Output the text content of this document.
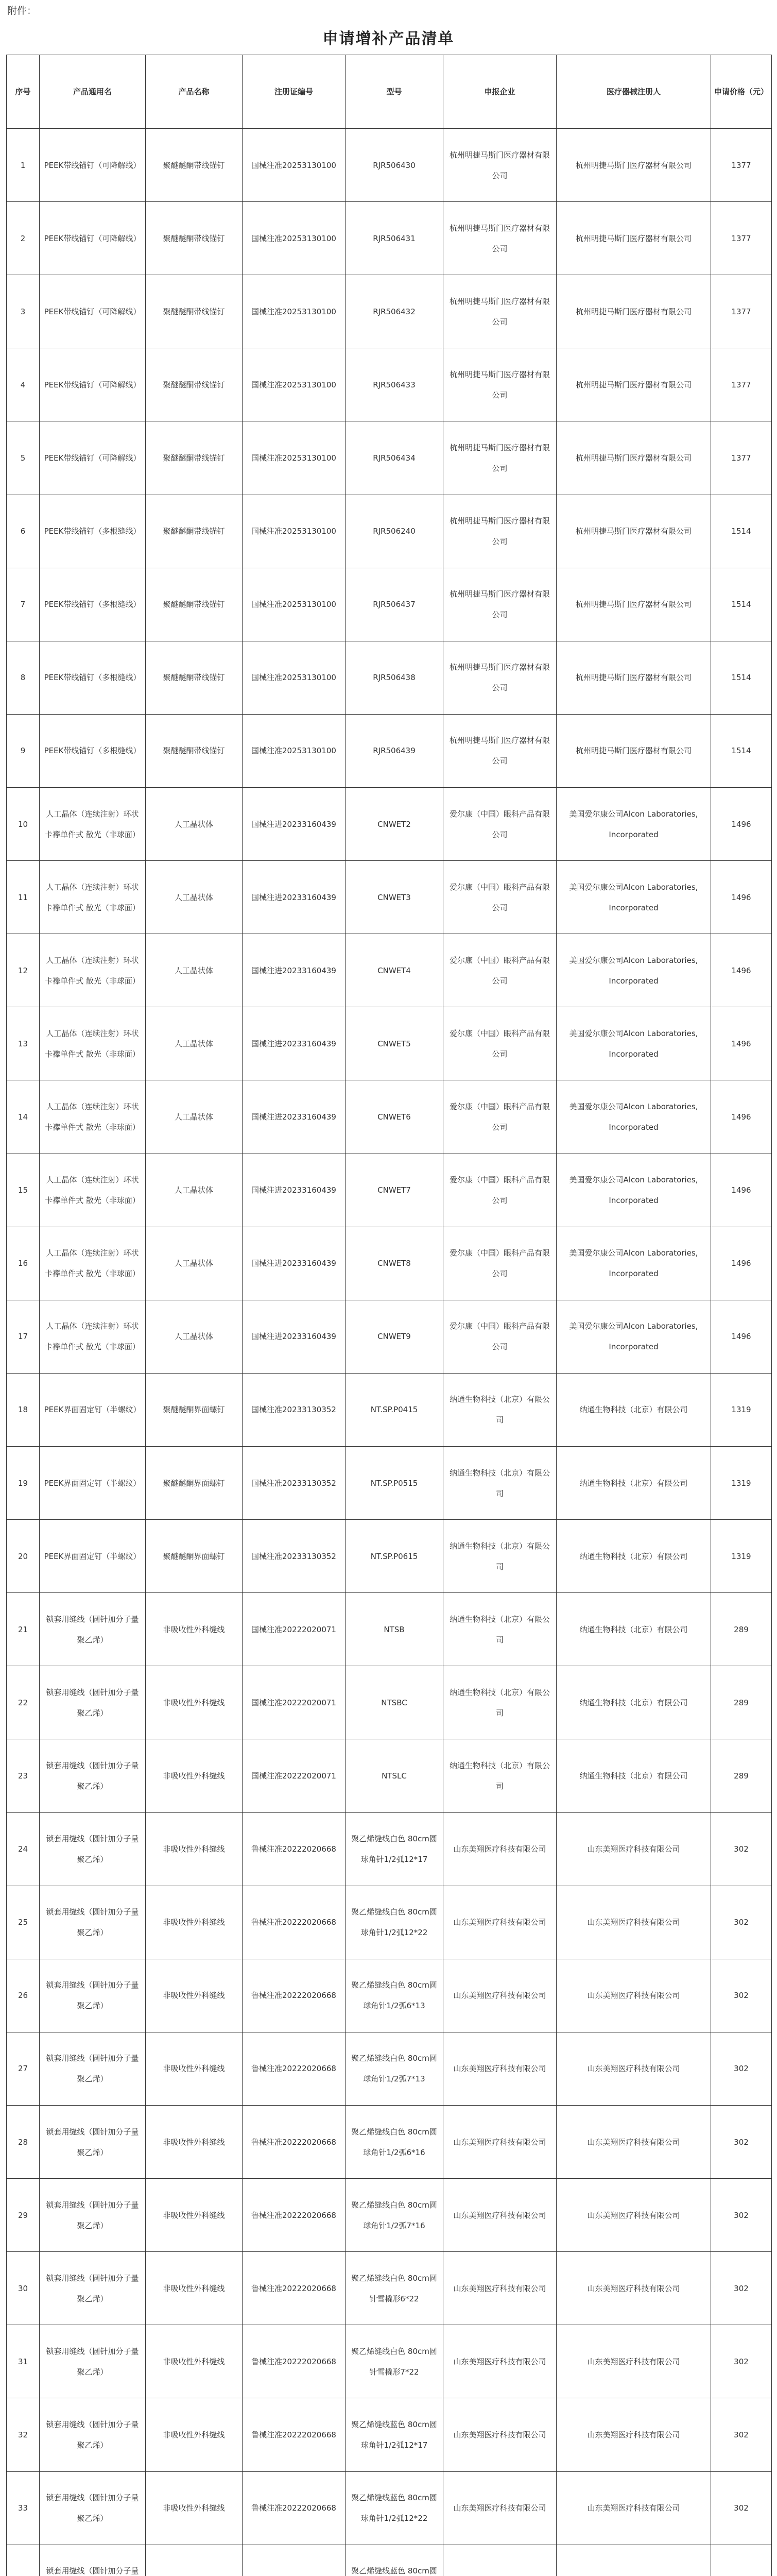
附件：
申请增补产品清单
序号	产品通用名	产品名称	注册证编号	型号	申报企业	医疗器械注册人	申请价格（元）
1	PEEK带线锚钉（可降解线）	聚醚醚酮带线锚钉	国械注准20253130100	RJR506430	杭州明捷马斯门医疗器材有限公司	杭州明捷马斯门医疗器材有限公司	1377
2	PEEK带线锚钉（可降解线）	聚醚醚酮带线锚钉	国械注准20253130100	RJR506431	杭州明捷马斯门医疗器材有限公司	杭州明捷马斯门医疗器材有限公司	1377
3	PEEK带线锚钉（可降解线）	聚醚醚酮带线锚钉	国械注准20253130100	RJR506432	杭州明捷马斯门医疗器材有限公司	杭州明捷马斯门医疗器材有限公司	1377
4	PEEK带线锚钉（可降解线）	聚醚醚酮带线锚钉	国械注准20253130100	RJR506433	杭州明捷马斯门医疗器材有限公司	杭州明捷马斯门医疗器材有限公司	1377
5	PEEK带线锚钉（可降解线）	聚醚醚酮带线锚钉	国械注准20253130100	RJR506434	杭州明捷马斯门医疗器材有限公司	杭州明捷马斯门医疗器材有限公司	1377
6	PEEK带线锚钉（多根缝线）	聚醚醚酮带线锚钉	国械注准20253130100	RJR506240	杭州明捷马斯门医疗器材有限公司	杭州明捷马斯门医疗器材有限公司	1514
7	PEEK带线锚钉（多根缝线）	聚醚醚酮带线锚钉	国械注准20253130100	RJR506437	杭州明捷马斯门医疗器材有限公司	杭州明捷马斯门医疗器材有限公司	1514
8	PEEK带线锚钉（多根缝线）	聚醚醚酮带线锚钉	国械注准20253130100	RJR506438	杭州明捷马斯门医疗器材有限公司	杭州明捷马斯门医疗器材有限公司	1514
9	PEEK带线锚钉（多根缝线）	聚醚醚酮带线锚钉	国械注准20253130100	RJR506439	杭州明捷马斯门医疗器材有限公司	杭州明捷马斯门医疗器材有限公司	1514
10	人工晶体（连续注射）环状卡襻单件式 散光（非球面）	人工晶状体	国械注进20233160439	CNWET2	爱尔康（中国）眼科产品有限公司	美国爱尔康公司Alcon Laboratories, Incorporated	1496
11	人工晶体（连续注射）环状卡襻单件式 散光（非球面）	人工晶状体	国械注进20233160439	CNWET3	爱尔康（中国）眼科产品有限公司	美国爱尔康公司Alcon Laboratories, Incorporated	1496
12	人工晶体（连续注射）环状卡襻单件式 散光（非球面）	人工晶状体	国械注进20233160439	CNWET4	爱尔康（中国）眼科产品有限公司	美国爱尔康公司Alcon Laboratories, Incorporated	1496
13	人工晶体（连续注射）环状卡襻单件式 散光（非球面）	人工晶状体	国械注进20233160439	CNWET5	爱尔康（中国）眼科产品有限公司	美国爱尔康公司Alcon Laboratories, Incorporated	1496
14	人工晶体（连续注射）环状卡襻单件式 散光（非球面）	人工晶状体	国械注进20233160439	CNWET6	爱尔康（中国）眼科产品有限公司	美国爱尔康公司Alcon Laboratories, Incorporated	1496
15	人工晶体（连续注射）环状卡襻单件式 散光（非球面）	人工晶状体	国械注进20233160439	CNWET7	爱尔康（中国）眼科产品有限公司	美国爱尔康公司Alcon Laboratories, Incorporated	1496
16	人工晶体（连续注射）环状卡襻单件式 散光（非球面）	人工晶状体	国械注进20233160439	CNWET8	爱尔康（中国）眼科产品有限公司	美国爱尔康公司Alcon Laboratories, Incorporated	1496
17	人工晶体（连续注射）环状卡襻单件式 散光（非球面）	人工晶状体	国械注进20233160439	CNWET9	爱尔康（中国）眼科产品有限公司	美国爱尔康公司Alcon Laboratories, Incorporated	1496
18	PEEK界面固定钉（半螺纹）	聚醚醚酮界面螺钉	国械注准20233130352	NT.SP.P0415	纳通生物科技（北京）有限公司	纳通生物科技（北京）有限公司	1319
19	PEEK界面固定钉（半螺纹）	聚醚醚酮界面螺钉	国械注准20233130352	NT.SP.P0515	纳通生物科技（北京）有限公司	纳通生物科技（北京）有限公司	1319
20	PEEK界面固定钉（半螺纹）	聚醚醚酮界面螺钉	国械注准20233130352	NT.SP.P0615	纳通生物科技（北京）有限公司	纳通生物科技（北京）有限公司	1319
21	锁套用缝线（圆针加分子量聚乙烯）	非吸收性外科缝线	国械注准20222020071	NTSB	纳通生物科技（北京）有限公司	纳通生物科技（北京）有限公司	289
22	锁套用缝线（圆针加分子量聚乙烯）	非吸收性外科缝线	国械注准20222020071	NTSBC	纳通生物科技（北京）有限公司	纳通生物科技（北京）有限公司	289
23	锁套用缝线（圆针加分子量聚乙烯）	非吸收性外科缝线	国械注准20222020071	NTSLC	纳通生物科技（北京）有限公司	纳通生物科技（北京）有限公司	289
24	锁套用缝线（圆针加分子量聚乙烯）	非吸收性外科缝线	鲁械注准20222020668	聚乙烯缝线白色 80cm圆球角针1/2弧12*17	山东美翔医疗科技有限公司	山东美翔医疗科技有限公司	302
25	锁套用缝线（圆针加分子量聚乙烯）	非吸收性外科缝线	鲁械注准20222020668	聚乙烯缝线白色 80cm圆球角针1/2弧12*22	山东美翔医疗科技有限公司	山东美翔医疗科技有限公司	302
26	锁套用缝线（圆针加分子量聚乙烯）	非吸收性外科缝线	鲁械注准20222020668	聚乙烯缝线白色 80cm圆球角针1/2弧6*13	山东美翔医疗科技有限公司	山东美翔医疗科技有限公司	302
27	锁套用缝线（圆针加分子量聚乙烯）	非吸收性外科缝线	鲁械注准20222020668	聚乙烯缝线白色 80cm圆球角针1/2弧7*13	山东美翔医疗科技有限公司	山东美翔医疗科技有限公司	302
28	锁套用缝线（圆针加分子量聚乙烯）	非吸收性外科缝线	鲁械注准20222020668	聚乙烯缝线白色 80cm圆球角针1/2弧6*16	山东美翔医疗科技有限公司	山东美翔医疗科技有限公司	302
29	锁套用缝线（圆针加分子量聚乙烯）	非吸收性外科缝线	鲁械注准20222020668	聚乙烯缝线白色 80cm圆球角针1/2弧7*16	山东美翔医疗科技有限公司	山东美翔医疗科技有限公司	302
30	锁套用缝线（圆针加分子量聚乙烯）	非吸收性外科缝线	鲁械注准20222020668	聚乙烯缝线白色 80cm圆针雪橇形6*22	山东美翔医疗科技有限公司	山东美翔医疗科技有限公司	302
31	锁套用缝线（圆针加分子量聚乙烯）	非吸收性外科缝线	鲁械注准20222020668	聚乙烯缝线白色 80cm圆针雪橇形7*22	山东美翔医疗科技有限公司	山东美翔医疗科技有限公司	302
32	锁套用缝线（圆针加分子量聚乙烯）	非吸收性外科缝线	鲁械注准20222020668	聚乙烯缝线蓝色 80cm圆球角针1/2弧12*17	山东美翔医疗科技有限公司	山东美翔医疗科技有限公司	302
33	锁套用缝线（圆针加分子量聚乙烯）	非吸收性外科缝线	鲁械注准20222020668	聚乙烯缝线蓝色 80cm圆球角针1/2弧12*22	山东美翔医疗科技有限公司	山东美翔医疗科技有限公司	302
	锁套用缝线（圆针加分子量			聚乙烯缝线蓝色 80cm圆			
